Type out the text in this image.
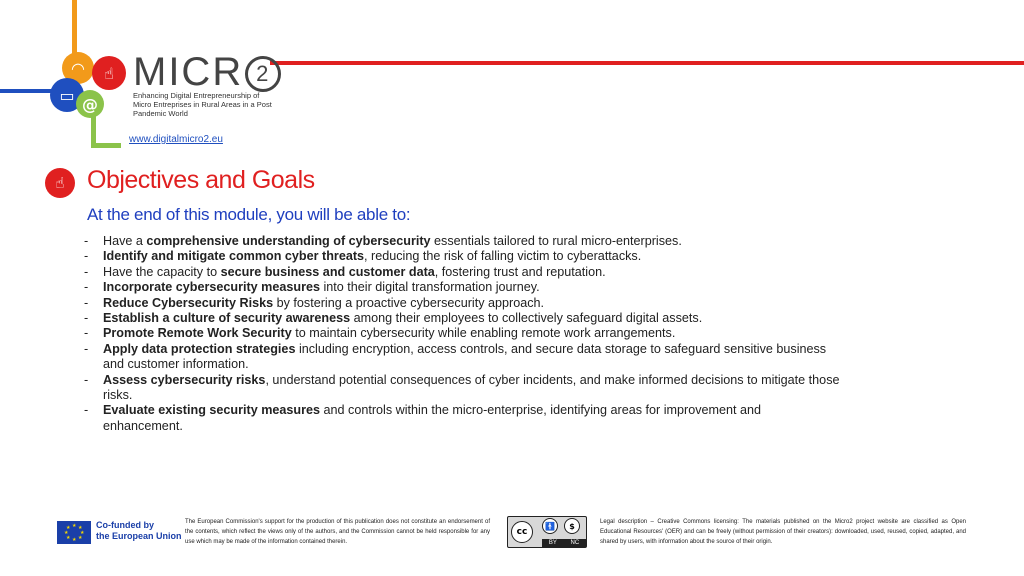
◠
▭
☝
@
MICR 2
Enhancing Digital Entrepreneurship of Micro Entreprises in Rural Areas in a Post Pandemic World
www.digitalmicro2.eu
☝ Objectives and Goals
At the end of this module, you will be able to:
- Have a comprehensive understanding of cybersecurity essentials tailored to rural micro-enterprises.
- Identify and mitigate common cyber threats, reducing the risk of falling victim to cyberattacks.
- Have the capacity to secure business and customer data, fostering trust and reputation.
- Incorporate cybersecurity measures into their digital transformation journey.
- Reduce Cybersecurity Risks by fostering a proactive cybersecurity approach.
- Establish a culture of security awareness among their employees to collectively safeguard digital assets.
- Promote Remote Work Security to maintain cybersecurity while enabling remote work arrangements.
- Apply data protection strategies including encryption, access controls, and secure data storage to safeguard sensitive business and customer information.
- Assess cybersecurity risks, understand potential consequences of cyber incidents, and make informed decisions to mitigate those risks.
- Evaluate existing security measures and controls within the micro-enterprise, identifying areas for improvement and enhancement.
★ ★
★
★
★
★
★
★	Co-funded by
the European Union
The European Commission's support for the production of this publication does not constitute an endorsement of the contents, which reflect the views only of the authors, and the Commission cannot be held responsible for any use which may be made of the information contained therein.
cc
🚹	$
BY NC
Legal description – Creative Commons licensing: The materials published on the Micro2 project website are classified as Open Educational Resources' (OER) and can be freely (without permission of their creators): downloaded, used, reused, copied, adapted, and shared by users, with information about the source of their origin.
